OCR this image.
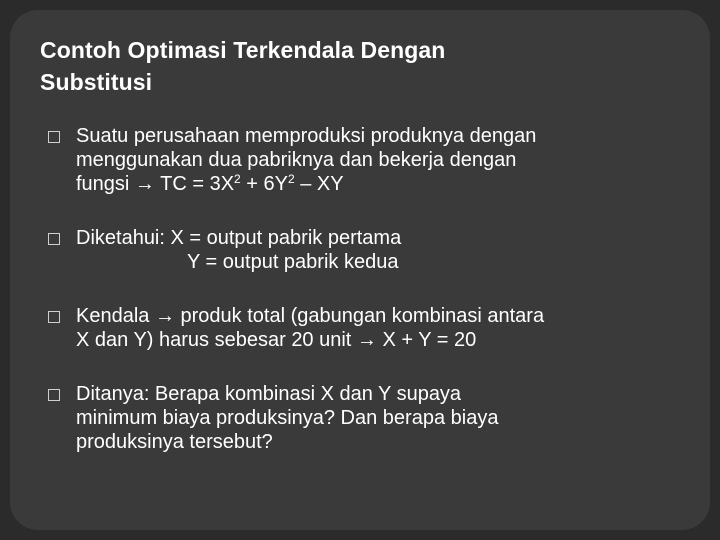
Contoh Optimasi Terkendala Dengan
Substitusi
Suatu perusahaan memproduksi produknya dengan
menggunakan dua pabriknya dan bekerja dengan
fungsi → TC = $3X^2 + 6Y^2$ – XY
Diketahui: X = output pabrik pertama
Y = output pabrik kedua
Kendala → produk total (gabungan kombinasi antara
X dan Y) harus sebesar 20 unit → X + Y = 20
Ditanya: Berapa kombinasi X dan Y supaya
minimum biaya produksinya? Dan berapa biaya
produksinya tersebut?
